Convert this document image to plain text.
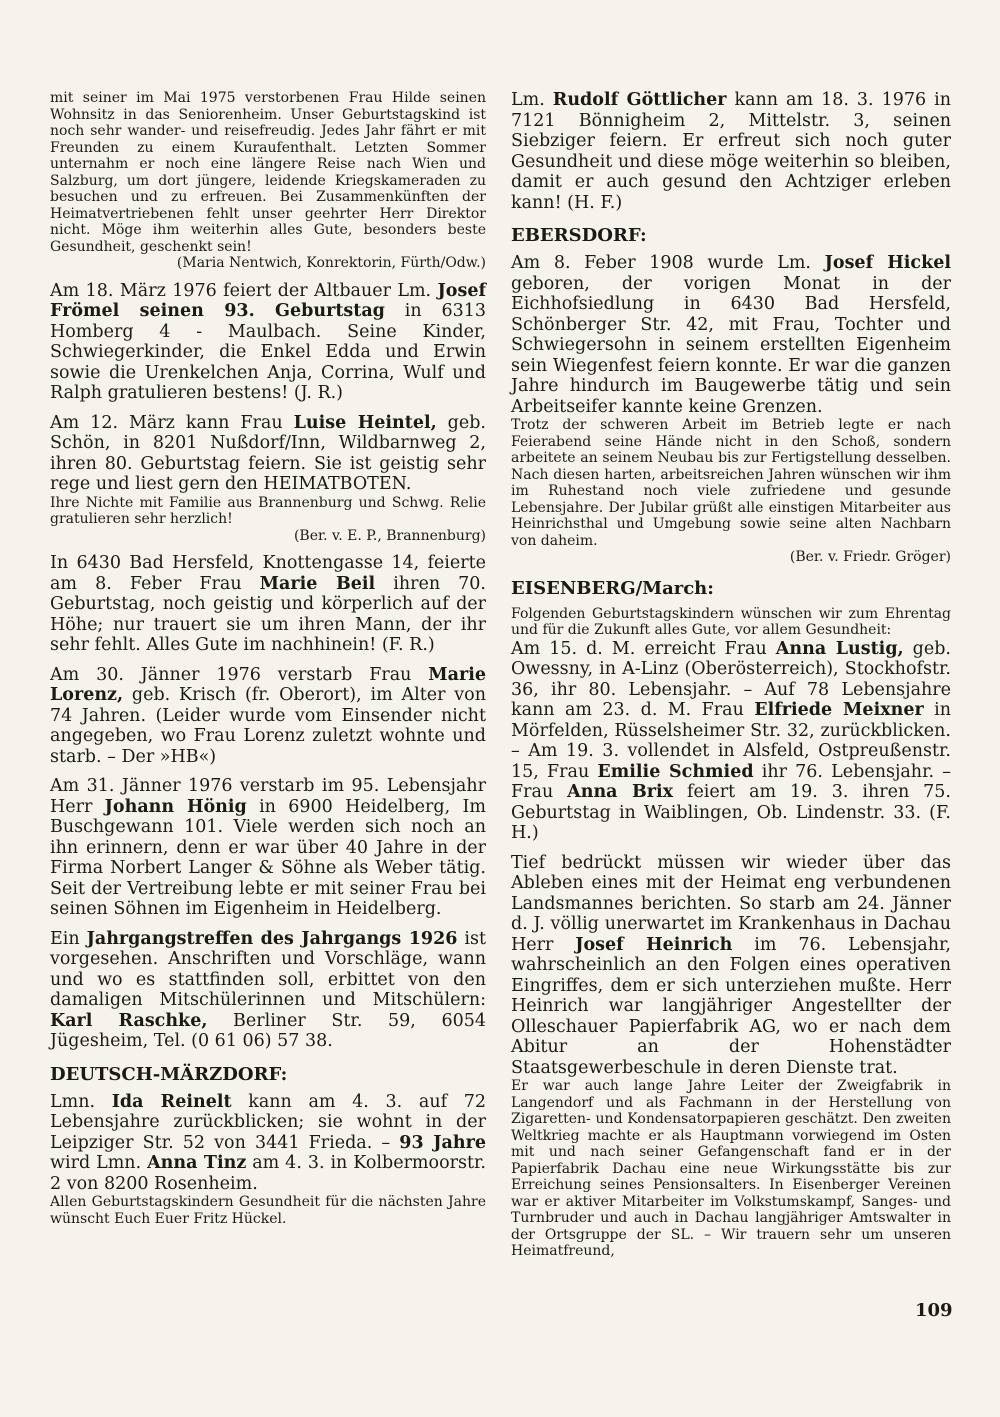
mit seiner im Mai 1975 verstorbenen Frau Hilde seinen Wohnsitz in das Seniorenheim. Unser Geburtstagskind ist noch sehr wander- und reisefreudig. Jedes Jahr fährt er mit Freunden zu einem Kuraufenthalt. Letzten Sommer unternahm er noch eine längere Reise nach Wien und Salzburg, um dort jüngere, leidende Kriegskameraden zu besuchen und zu erfreuen. Bei Zusammenkünften der Heimatvertriebenen fehlt unser geehrter Herr Direktor nicht. Möge ihm weiterhin alles Gute, besonders beste Gesundheit, geschenkt sein!

(Maria Nentwich, Konrektorin, Fürth/Odw.)

Am 18. März 1976 feiert der Altbauer Lm. Josef Frömel seinen 93. Geburtstag in 6313 Homberg 4 - Maulbach. Seine Kinder, Schwiegerkinder, die Enkel Edda und Erwin sowie die Urenkelchen Anja, Corrina, Wulf und Ralph gratulieren bestens! (J. R.)

Am 12. März kann Frau Luise Heintel, geb. Schön, in 8201 Nußdorf/Inn, Wildbarnweg 2, ihren 80. Geburtstag feiern. Sie ist geistig sehr rege und liest gern den HEIMATBOTEN.

Ihre Nichte mit Familie aus Brannenburg und Schwg. Relie gratulieren sehr herzlich!

(Ber. v. E. P., Brannenburg)

In 6430 Bad Hersfeld, Knottengasse 14, feierte am 8. Feber Frau Marie Beil ihren 70. Geburtstag, noch geistig und körperlich auf der Höhe; nur trauert sie um ihren Mann, der ihr sehr fehlt. Alles Gute im nachhinein! (F. R.)

Am 30. Jänner 1976 verstarb Frau Marie Lorenz, geb. Krisch (fr. Oberort), im Alter von 74 Jahren. (Leider wurde vom Einsender nicht angegeben, wo Frau Lorenz zuletzt wohnte und starb. – Der »HB«)

Am 31. Jänner 1976 verstarb im 95. Lebensjahr Herr Johann Hönig in 6900 Heidelberg, Im Buschgewann 101. Viele werden sich noch an ihn erinnern, denn er war über 40 Jahre in der Firma Norbert Langer & Söhne als Weber tätig. Seit der Vertreibung lebte er mit seiner Frau bei seinen Söhnen im Eigenheim in Heidelberg.

Ein Jahrgangstreffen des Jahrgangs 1926 ist vorgesehen. Anschriften und Vorschläge, wann und wo es stattfinden soll, erbittet von den damaligen Mitschülerinnen und Mitschülern: Karl Raschke, Berliner Str. 59, 6054 Jügesheim, Tel. (0 61 06) 57 38.

DEUTSCH-MÄRZDORF:

Lmn. Ida Reinelt kann am 4. 3. auf 72 Lebensjahre zurückblicken; sie wohnt in der Leipziger Str. 52 von 3441 Frieda. – 93 Jahre wird Lmn. Anna Tinz am 4. 3. in Kolbermoorstr. 2 von 8200 Rosenheim.

Allen Geburtstagskindern Gesundheit für die nächsten Jahre wünscht Euch Euer Fritz Hückel.

Lm. Rudolf Göttlicher kann am 18. 3. 1976 in 7121 Bönnigheim 2, Mittelstr. 3, seinen Siebziger feiern. Er erfreut sich noch guter Gesundheit und diese möge weiterhin so bleiben, damit er auch gesund den Achtziger erleben kann! (H. F.)

EBERSDORF:

Am 8. Feber 1908 wurde Lm. Josef Hickel geboren, der vorigen Monat in der Eichhofsiedlung in 6430 Bad Hersfeld, Schönberger Str. 42, mit Frau, Tochter und Schwiegersohn in seinem erstellten Eigenheim sein Wiegenfest feiern konnte. Er war die ganzen Jahre hindurch im Baugewerbe tätig und sein Arbeitseifer kannte keine Grenzen.

Trotz der schweren Arbeit im Betrieb legte er nach Feierabend seine Hände nicht in den Schoß, sondern arbeitete an seinem Neubau bis zur Fertigstellung desselben. Nach diesen harten, arbeitsreichen Jahren wünschen wir ihm im Ruhestand noch viele zufriedene und gesunde Lebensjahre. Der Jubilar grüßt alle einstigen Mitarbeiter aus Heinrichsthal und Umgebung sowie seine alten Nachbarn von daheim.

(Ber. v. Friedr. Gröger)

EISENBERG/March:

Folgenden Geburtstagskindern wünschen wir zum Ehrentag und für die Zukunft alles Gute, vor allem Gesundheit:

Am 15. d. M. erreicht Frau Anna Lustig, geb. Owessny, in A-Linz (Oberösterreich), Stockhofstr. 36, ihr 80. Lebensjahr. – Auf 78 Lebensjahre kann am 23. d. M. Frau Elfriede Meixner in Mörfelden, Rüsselsheimer Str. 32, zurückblicken. – Am 19. 3. vollendet in Alsfeld, Ostpreußenstr. 15, Frau Emilie Schmied ihr 76. Lebensjahr. – Frau Anna Brix feiert am 19. 3. ihren 75. Geburtstag in Waiblingen, Ob. Lindenstr. 33. (F. H.)

Tief bedrückt müssen wir wieder über das Ableben eines mit der Heimat eng verbundenen Landsmannes berichten. So starb am 24. Jänner d. J. völlig unerwartet im Krankenhaus in Dachau Herr Josef Heinrich im 76. Lebensjahr, wahrscheinlich an den Folgen eines operativen Eingriffes, dem er sich unterziehen mußte. Herr Heinrich war langjähriger Angestellter der Olleschauer Papierfabrik AG, wo er nach dem Abitur an der Hohenstädter Staatsgewerbeschule in deren Dienste trat.

Er war auch lange Jahre Leiter der Zweigfabrik in Langendorf und als Fachmann in der Herstellung von Zigaretten- und Kondensatorpapieren geschätzt. Den zweiten Weltkrieg machte er als Hauptmann vorwiegend im Osten mit und nach seiner Gefangenschaft fand er in der Papierfabrik Dachau eine neue Wirkungsstätte bis zur Erreichung seines Pensionsalters. In Eisenberger Vereinen war er aktiver Mitarbeiter im Volkstumskampf, Sanges- und Turnbruder und auch in Dachau langjähriger Amtswalter in der Ortsgruppe der SL. – Wir trauern sehr um unseren Heimatfreund,

109
